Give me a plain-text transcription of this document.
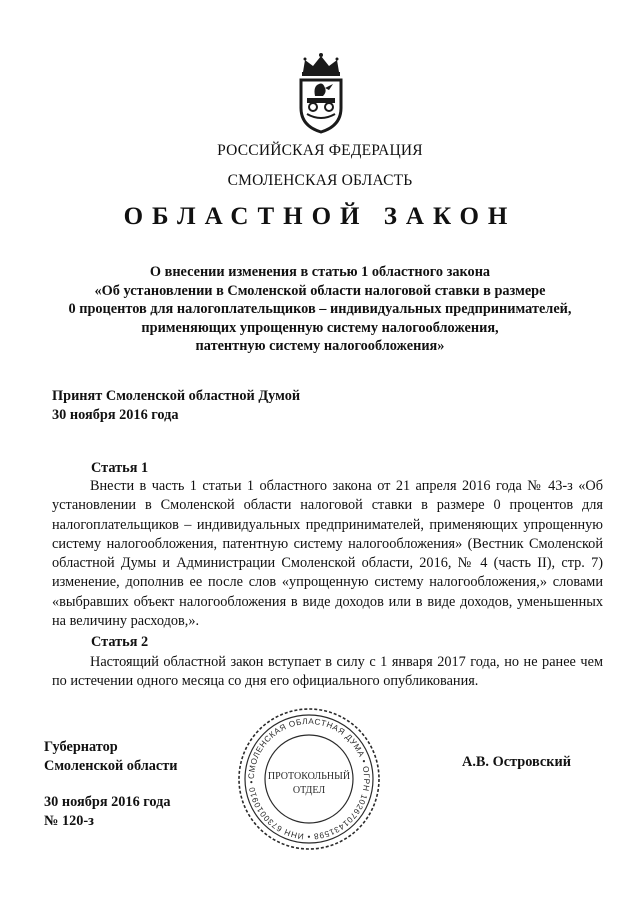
РОССИЙСКАЯ ФЕДЕРАЦИЯ
СМОЛЕНСКАЯ ОБЛАСТЬ
ОБЛАСТНОЙ ЗАКОН
О внесении изменения в статью 1 областного закона
«Об установлении в Смоленской области налоговой ставки в размере
0 процентов для налогоплательщиков – индивидуальных предпринимателей,
применяющих упрощенную систему налогообложения,
патентную систему налогообложения»
Принят Смоленской областной Думой
30 ноября 2016 года
Статья 1

Внести в часть 1 статьи 1 областного закона от 21 апреля 2016 года № 43-з «Об установлении в Смоленской области налоговой ставки в размере 0 процентов для налогоплательщиков – индивидуальных предпринимателей, применяющих упрощенную систему налогообложения, патентную систему налогообложения» (Вестник Смоленской областной Думы и Администрации Смоленской области, 2016, № 4 (часть II), стр. 7) изменение, дополнив ее после слов «упрощенную систему налогообложения,» словами «выбравших объект налогообложения в виде доходов или в виде доходов, уменьшенных на величину расходов,».

Статья 2

Настоящий областной закон вступает в силу с 1 января 2017 года, но не ранее чем по истечении одного месяца со дня его официального опубликования.

Губернатор
Смоленской области
СМОЛЕНСКАЯ ОБЛАСТНАЯ ДУМА • ОГРН 1026701431598 • ИНН 6730010910 •	ПРОТОКОЛЬНЫЙ
ОТДЕЛ
А.В. Островский
30 ноября 2016 года
№ 120-з
